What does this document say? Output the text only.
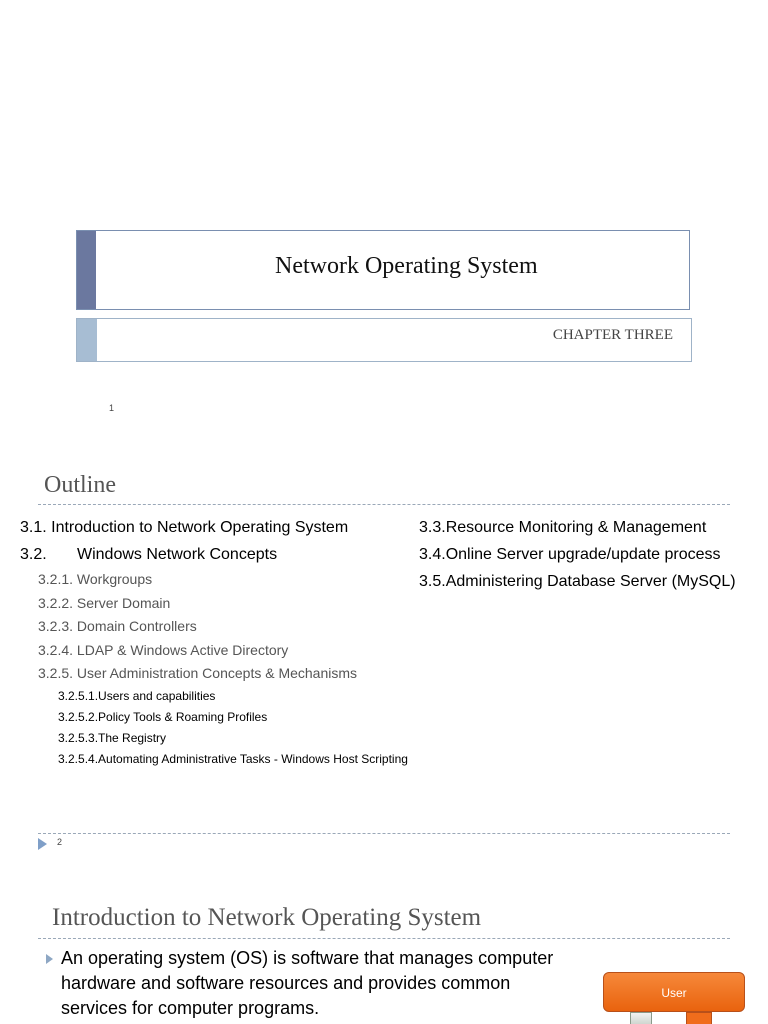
Network Operating System
CHAPTER THREE
1
Outline
3.1. Introduction to Network Operating System
3.2. Windows Network Concepts
3.2.1. Workgroups
3.2.2. Server Domain
3.2.3. Domain Controllers
3.2.4. LDAP & Windows Active Directory
3.2.5. User Administration Concepts & Mechanisms
3.2.5.1.Users and capabilities
3.2.5.2.Policy Tools & Roaming Profiles
3.2.5.3.The Registry
3.2.5.4.Automating Administrative Tasks - Windows Host Scripting
3.3.Resource Monitoring & Management
3.4.Online Server upgrade/update process
3.5.Administering Database Server (MySQL)
2
Introduction to Network Operating System
An operating system (OS) is software that manages computer hardware and software resources and provides common services for computer programs.
User
